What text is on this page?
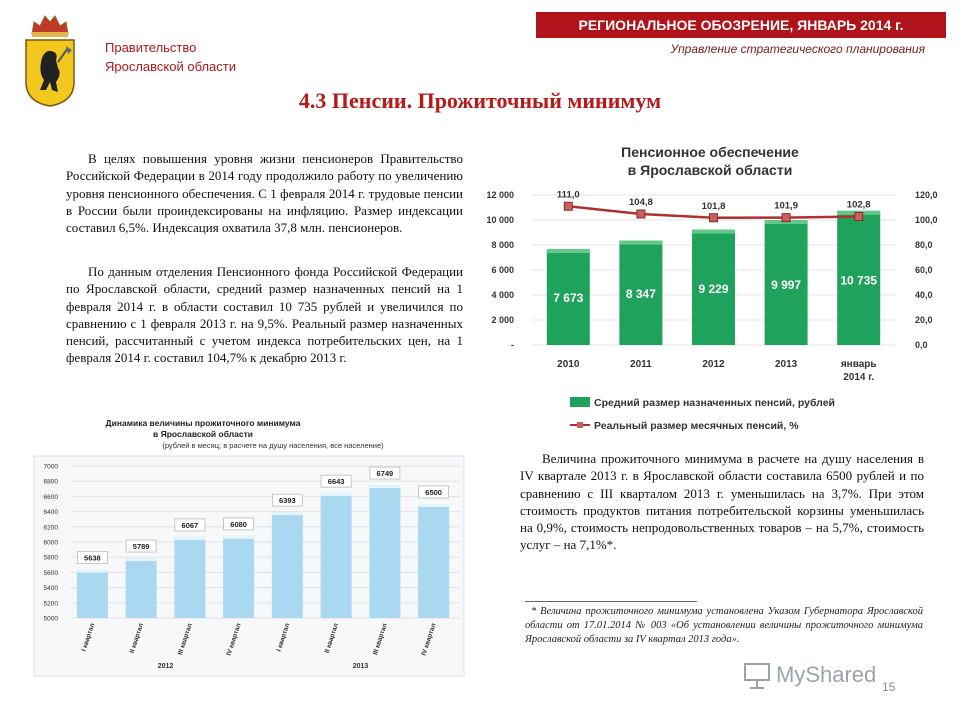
Правительство
Ярославской области
РЕГИОНАЛЬНОЕ ОБОЗРЕНИЕ, ЯНВАРЬ 2014 г.
Управление стратегического планирования
4.3 Пенсии. Прожиточный минимум

В целях повышения уровня жизни пенсионеров Правительство Российской Федерации в 2014 году продолжило работу по увеличению уровня пенсионного обеспечения. С 1 февраля 2014 г. трудовые пенсии в России были проиндексированы на инфляцию. Размер индексации составил 6,5%. Индексация охватила 37,8 млн. пенсионеров.

По данным отделения Пенсионного фонда Российской Федерации по Ярославской области, средний размер назначенных пенсий на 1 февраля 2014 г. в области составил 10 735 рублей и увеличился по сравнению с 1 февраля 2013 г. на 9,5%. Реальный размер назначенных пенсий, рассчитанный с учетом индекса потребительских цен, на 1 февраля 2014 г. составил 104,7% к декабрю 2013 г.

Пенсионное обеспечение
в Ярославской области
-
2 000
4 000
6 000
8 000
10 000
12 000
0,0
20,0
40,0
60,0
80,0
100,0
120,0
7 673	8 347	9 229	9 997	10 735
111,0
104,8	101,8	101,9	102,8
2010	2011	2012	2013	январь
2014 г.
Средний размер назначенных пенсий, рублей
Реальный размер месячных пенсий, %
Динамика величины прожиточного минимума
в Ярославской области
(рублей в месяц; в расчете на душу населения, все население)
5000
5200
5400
5600
5800
6000
6200
6400
6600
6800
7000
5638
5789
6067	6080
6393
6643
6749
6500
I квартал	II квартал	III квартал	IV квартал	I квартал	II квартал	III квартал	IV квартал
2012	2013

Величина прожиточного минимума в расчете на душу населения в IV квартале 2013 г. в Ярославской области составила 6500 рублей и по сравнению с III кварталом 2013 г. уменьшилась на 3,7%. При этом стоимость продуктов питания потребительской корзины уменьшилась на 0,9%, стоимость непродовольственных товаров – на 5,7%, стоимость услуг – на 7,1%*.

* Величина прожиточного минимума установлена Указом Губернатора Ярославской области от 17.01.2014 № 003 «Об установлении величины прожиточного минимума Ярославской области за IV квартал 2013 года».

MyShared 15
